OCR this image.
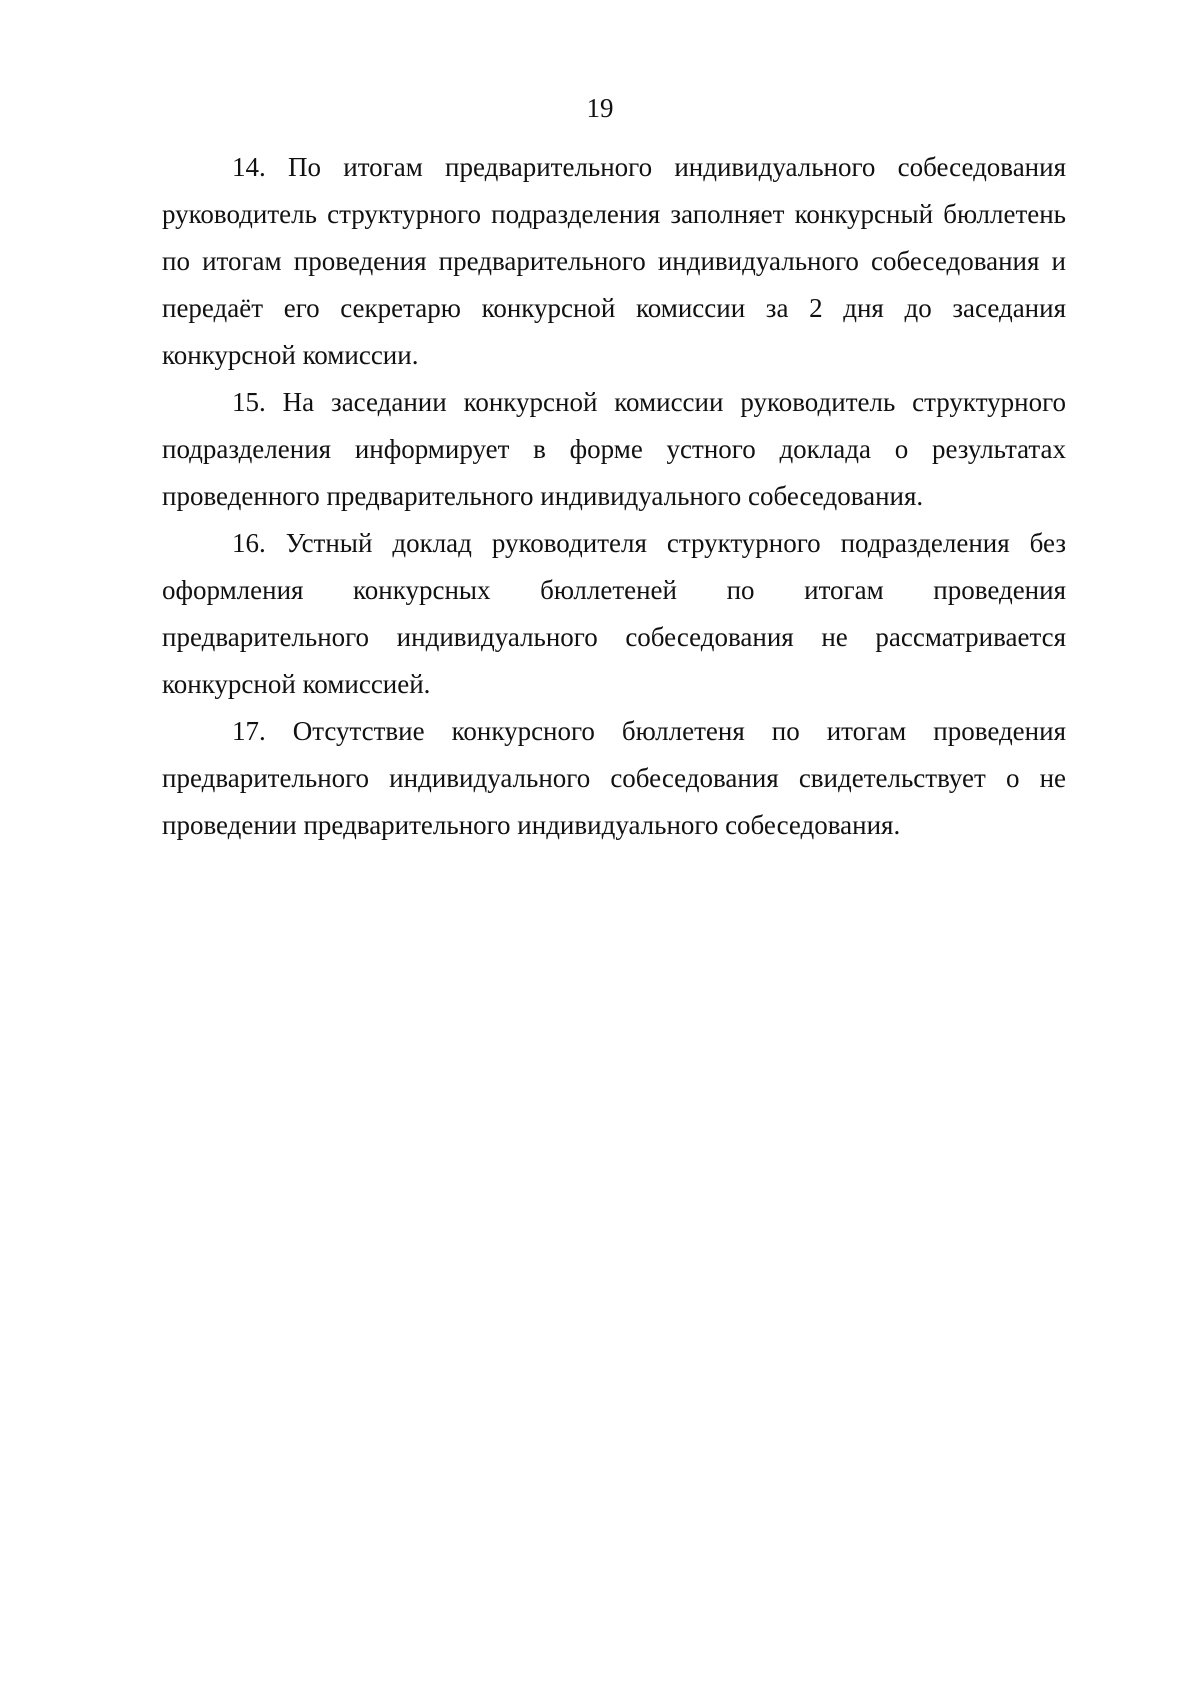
19

14. По итогам предварительного индивидуального собеседования
руководитель структурного подразделения заполняет конкурсный бюллетень
по итогам проведения предварительного индивидуального собеседования и
передаёт его секретарю конкурсной комиссии за 2 дня до заседания
конкурсной комиссии.

15. На заседании конкурсной комиссии руководитель структурного
подразделения информирует в форме устного доклада о результатах
проведенного предварительного индивидуального собеседования.

16. Устный доклад руководителя структурного подразделения без
оформления конкурсных бюллетеней по итогам проведения
предварительного индивидуального собеседования не рассматривается
конкурсной комиссией.

17. Отсутствие конкурсного бюллетеня по итогам проведения
предварительного индивидуального собеседования свидетельствует о не
проведении предварительного индивидуального собеседования.
